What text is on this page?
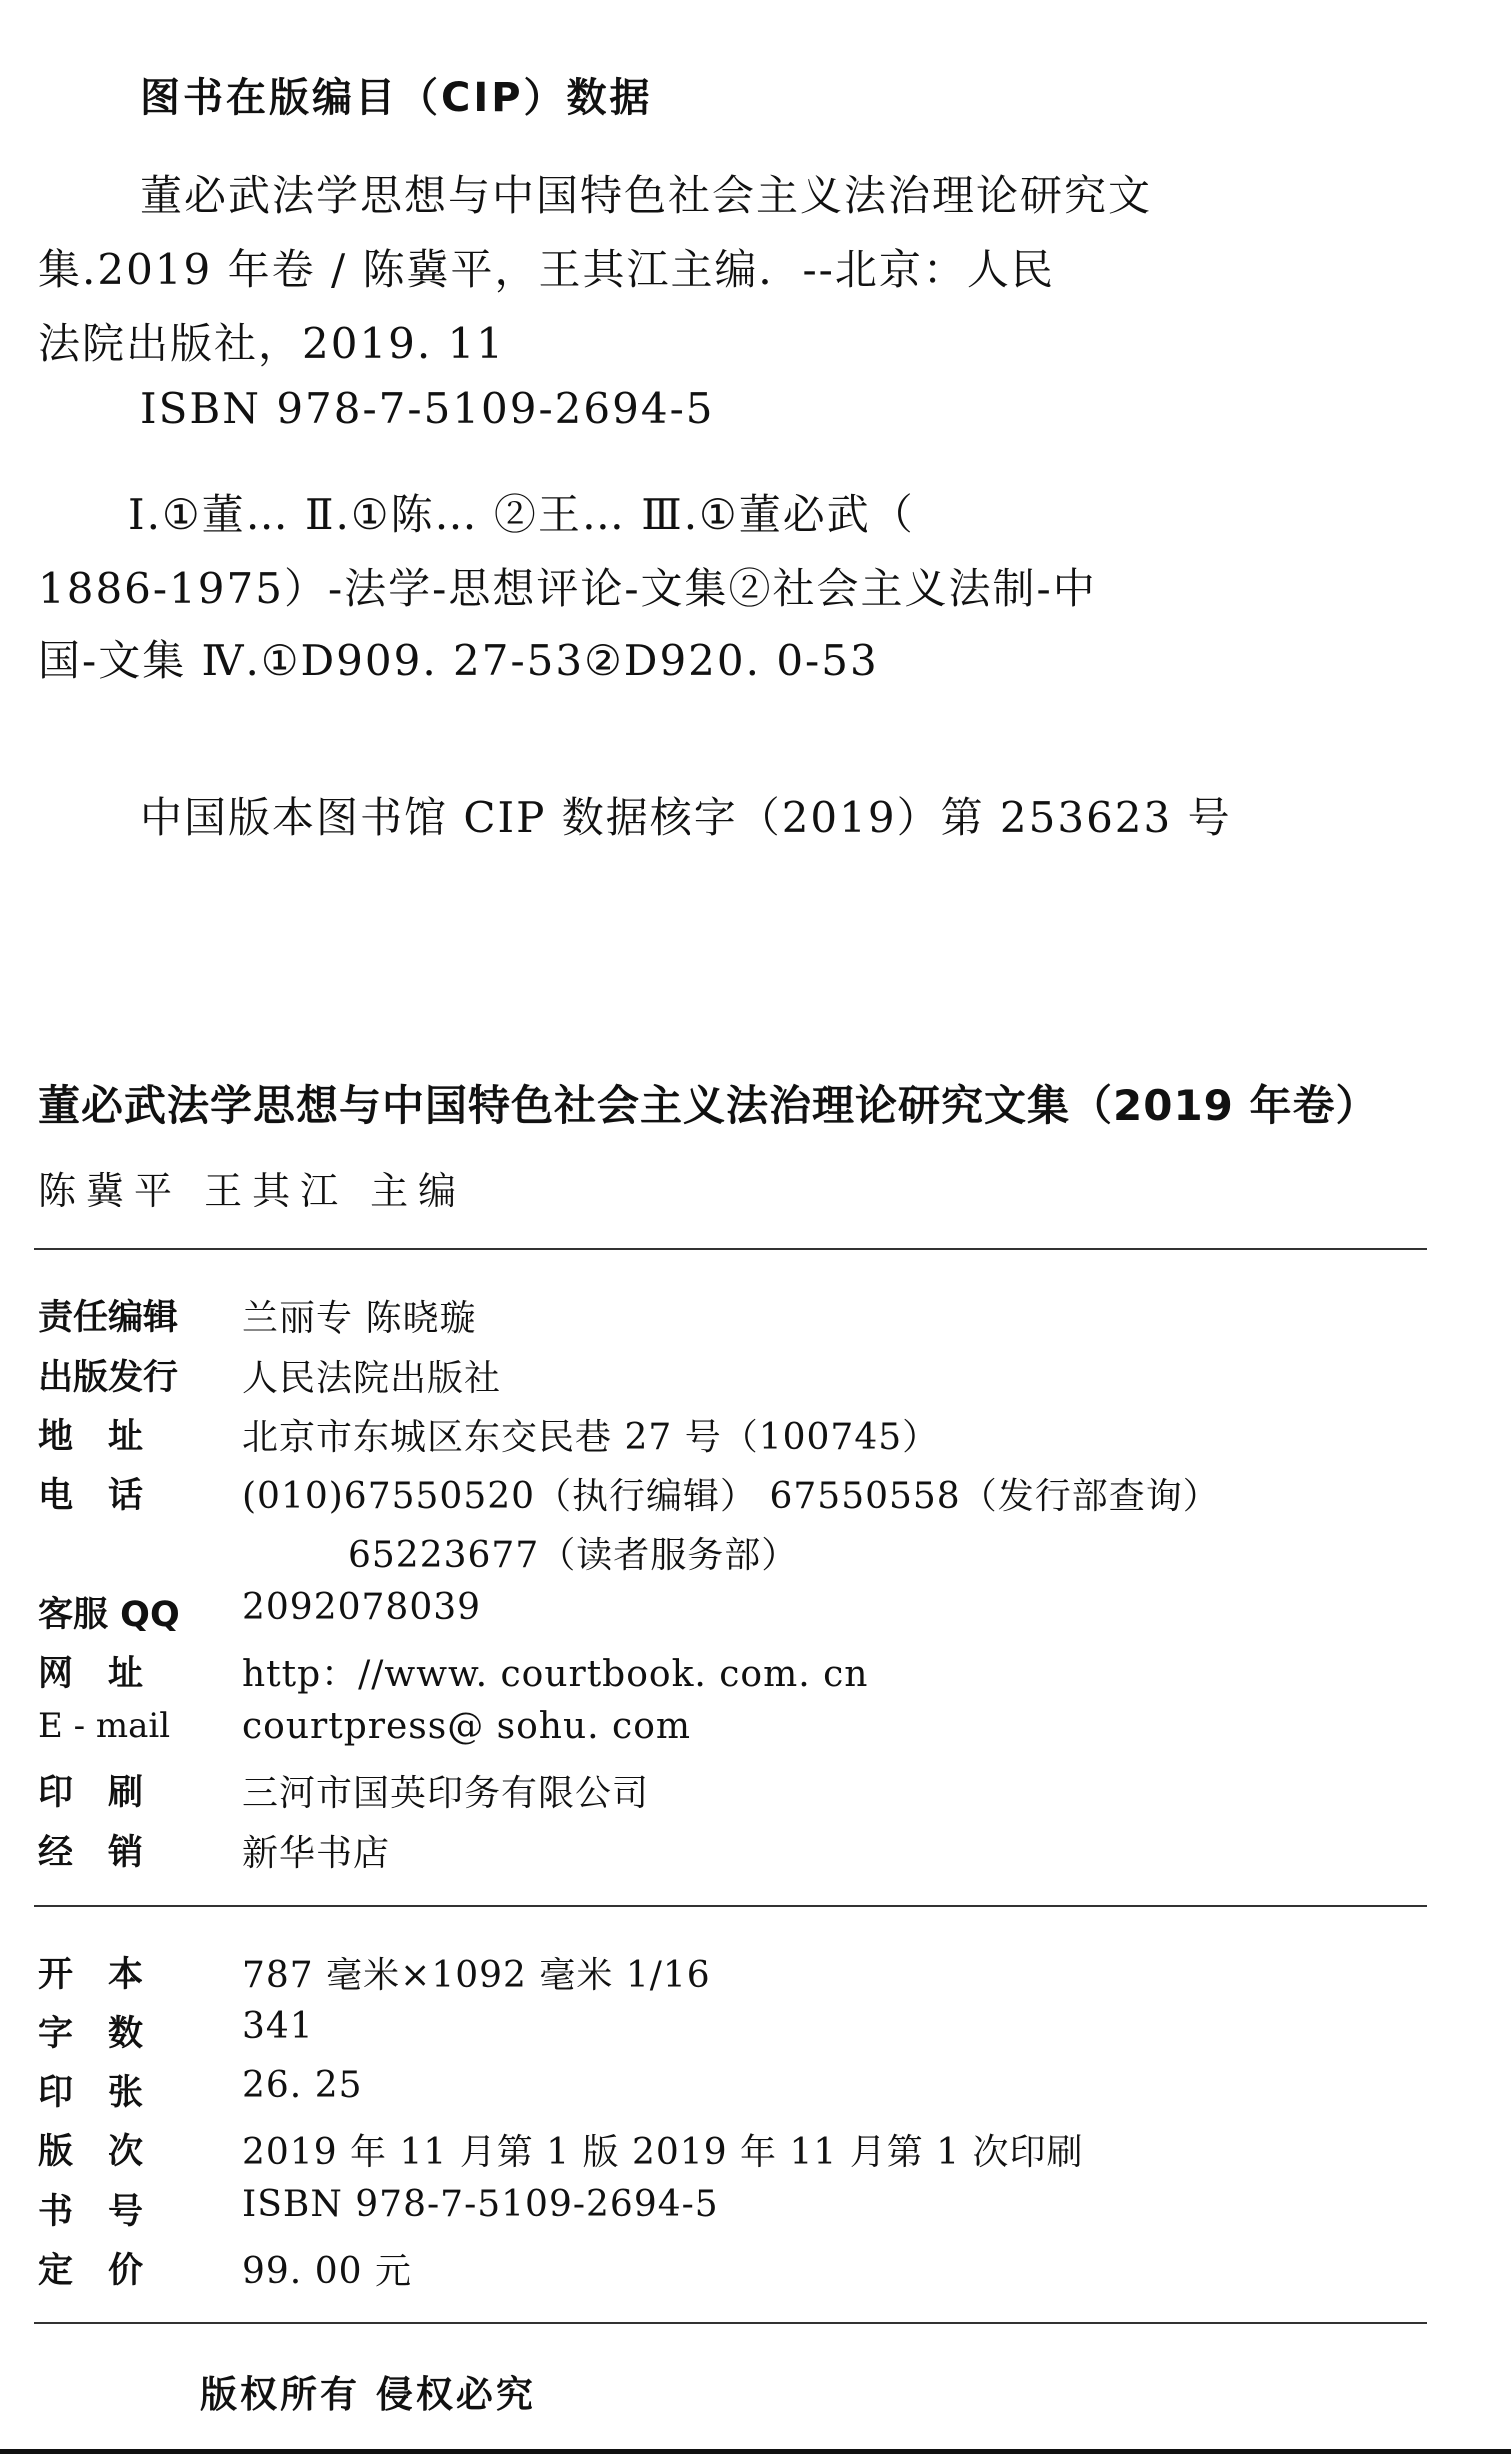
图书在版编目（CIP）数据
董必武法学思想与中国特色社会主义法治理论研究文
集.2019 年卷 / 陈冀平，王其江主编．--北京：人民
法院出版社，2019. 11
ISBN 978-7-5109-2694-5
Ⅰ.①董… Ⅱ.①陈… ②王… Ⅲ.①董必武（
1886-1975）-法学-思想评论-文集②社会主义法制-中
国-文集 Ⅳ.①D909. 27-53②D920. 0-53
中国版本图书馆 CIP 数据核字（2019）第 253623 号
董必武法学思想与中国特色社会主义法治理论研究文集（2019 年卷）
陈冀平 王其江 主编
责任编辑	兰丽专 陈晓璇
出版发行	人民法院出版社
地　址	北京市东城区东交民巷 27 号（100745）
电　话	(010)67550520（执行编辑） 67550558（发行部查询）
65223677（读者服务部）
客服 QQ	2092078039
网　址	http：//www. courtbook. com. cn
E - mail	courtpress@ sohu. com
印　刷	三河市国英印务有限公司
经　销	新华书店
开　本	787 毫米×1092 毫米 1/16
字　数	341
印　张	26. 25
版　次	2019 年 11 月第 1 版 2019 年 11 月第 1 次印刷
书　号	ISBN 978-7-5109-2694-5
定　价	99. 00 元
版权所有 侵权必究
